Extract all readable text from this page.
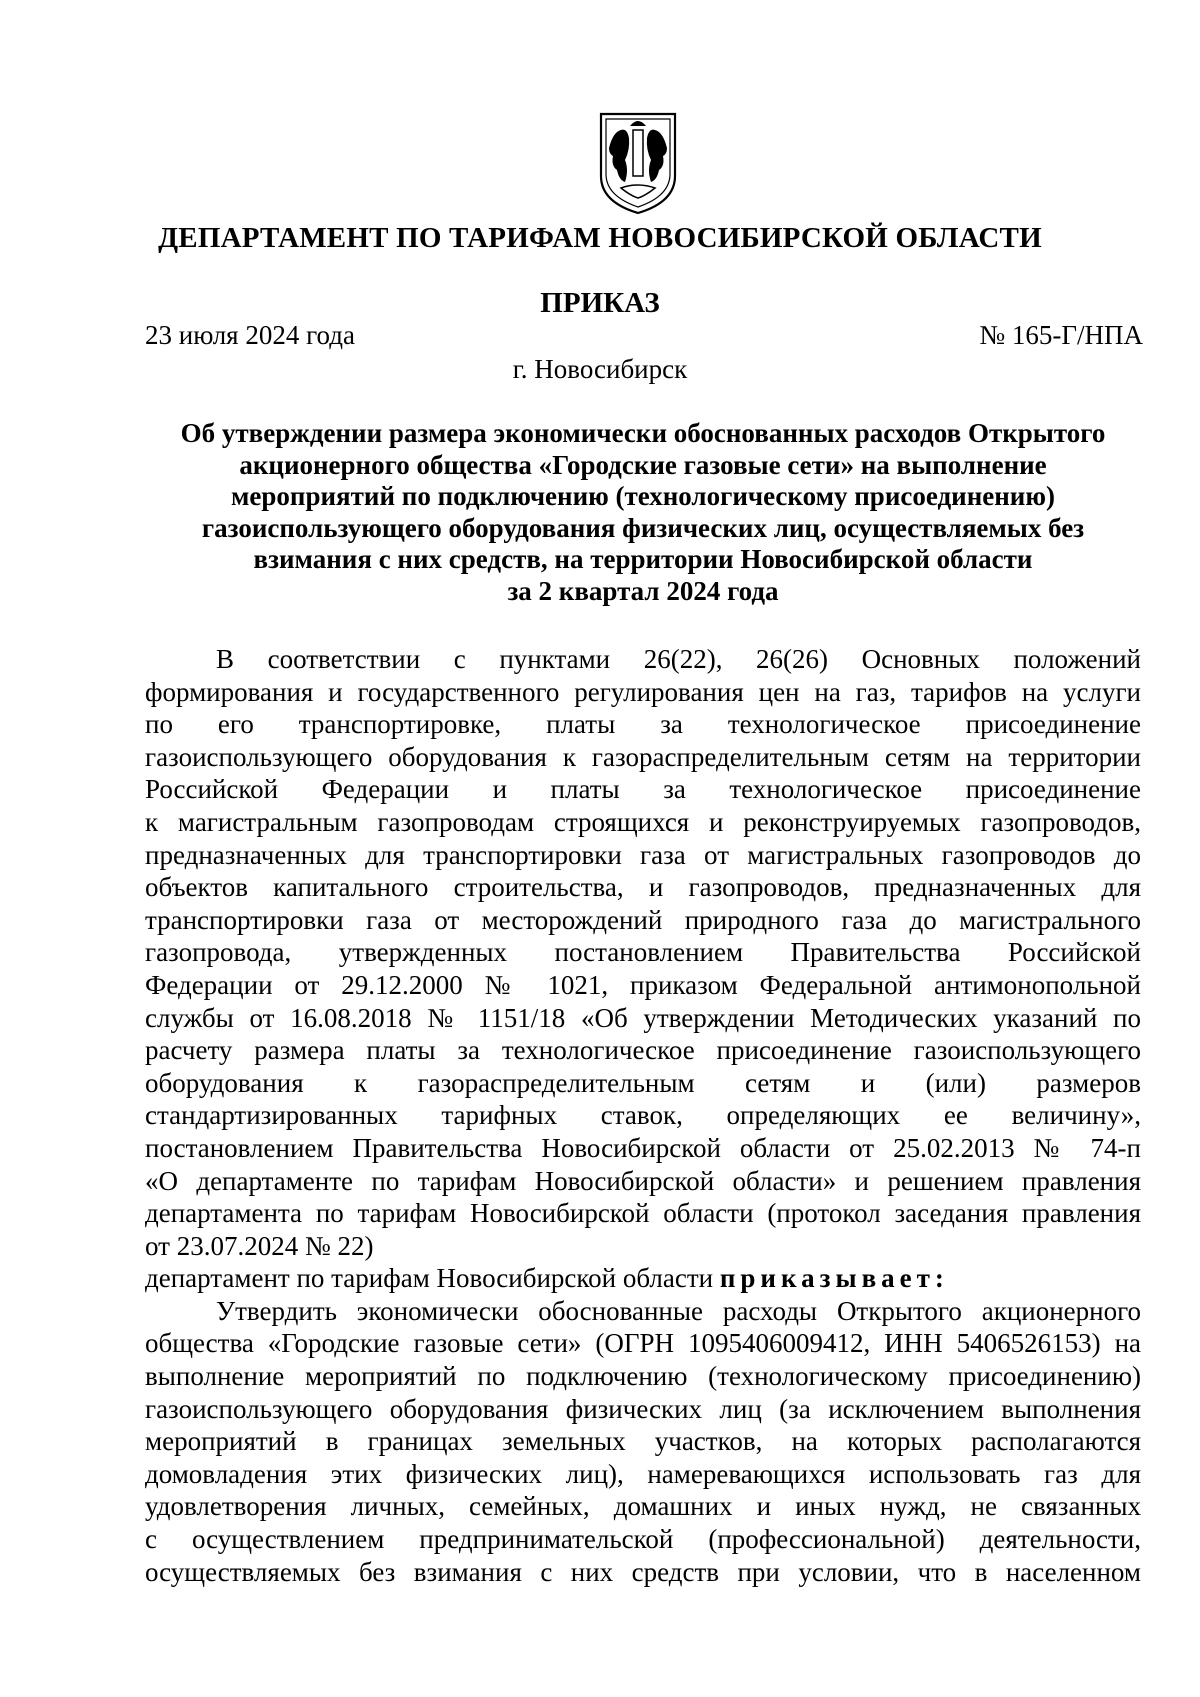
ДЕПАРТАМЕНТ ПО ТАРИФАМ НОВОСИБИРСКОЙ ОБЛАСТИ
ПРИКАЗ
23 июля 2024 года	№ 165-Г/НПА
г. Новосибирск
Об утверждении размера экономически обоснованных расходов Открытого
акционерного общества «Городские газовые сети» на выполнение
мероприятий по подключению (технологическому присоединению)
газоиспользующего оборудования физических лиц, осуществляемых без
взимания с них средств, на территории Новосибирской области
за 2 квартал 2024 года
В соответствии с пунктами 26(22), 26(26) Основных положений
формирования и государственного регулирования цен на газ, тарифов на услуги
по его транспортировке, платы за технологическое присоединение
газоиспользующего оборудования к газораспределительным сетям на территории
Российской Федерации и платы за технологическое присоединение
к магистральным газопроводам строящихся и реконструируемых газопроводов,
предназначенных для транспортировки газа от магистральных газопроводов до
объектов капитального строительства, и газопроводов, предназначенных для
транспортировки газа от месторождений природного газа до магистрального
газопровода, утвержденных постановлением Правительства Российской
Федерации от 29.12.2000 № 1021, приказом Федеральной антимонопольной
службы от 16.08.2018 № 1151/18 «Об утверждении Методических указаний по
расчету размера платы за технологическое присоединение газоиспользующего
оборудования к газораспределительным сетям и (или) размеров
стандартизированных тарифных ставок, определяющих ее величину»,
постановлением Правительства Новосибирской области от 25.02.2013 № 74-п
«О департаменте по тарифам Новосибирской области» и решением правления
департамента по тарифам Новосибирской области (протокол заседания правления
от 23.07.2024 № 22)
департамент по тарифам Новосибирской области приказывает:
Утвердить экономически обоснованные расходы Открытого акционерного
общества «Городские газовые сети» (ОГРН 1095406009412, ИНН 5406526153) на
выполнение мероприятий по подключению (технологическому присоединению)
газоиспользующего оборудования физических лиц (за исключением выполнения
мероприятий в границах земельных участков, на которых располагаются
домовладения этих физических лиц), намеревающихся использовать газ для
удовлетворения личных, семейных, домашних и иных нужд, не связанных
с осуществлением предпринимательской (профессиональной) деятельности,
осуществляемых без взимания с них средств при условии, что в населенном
